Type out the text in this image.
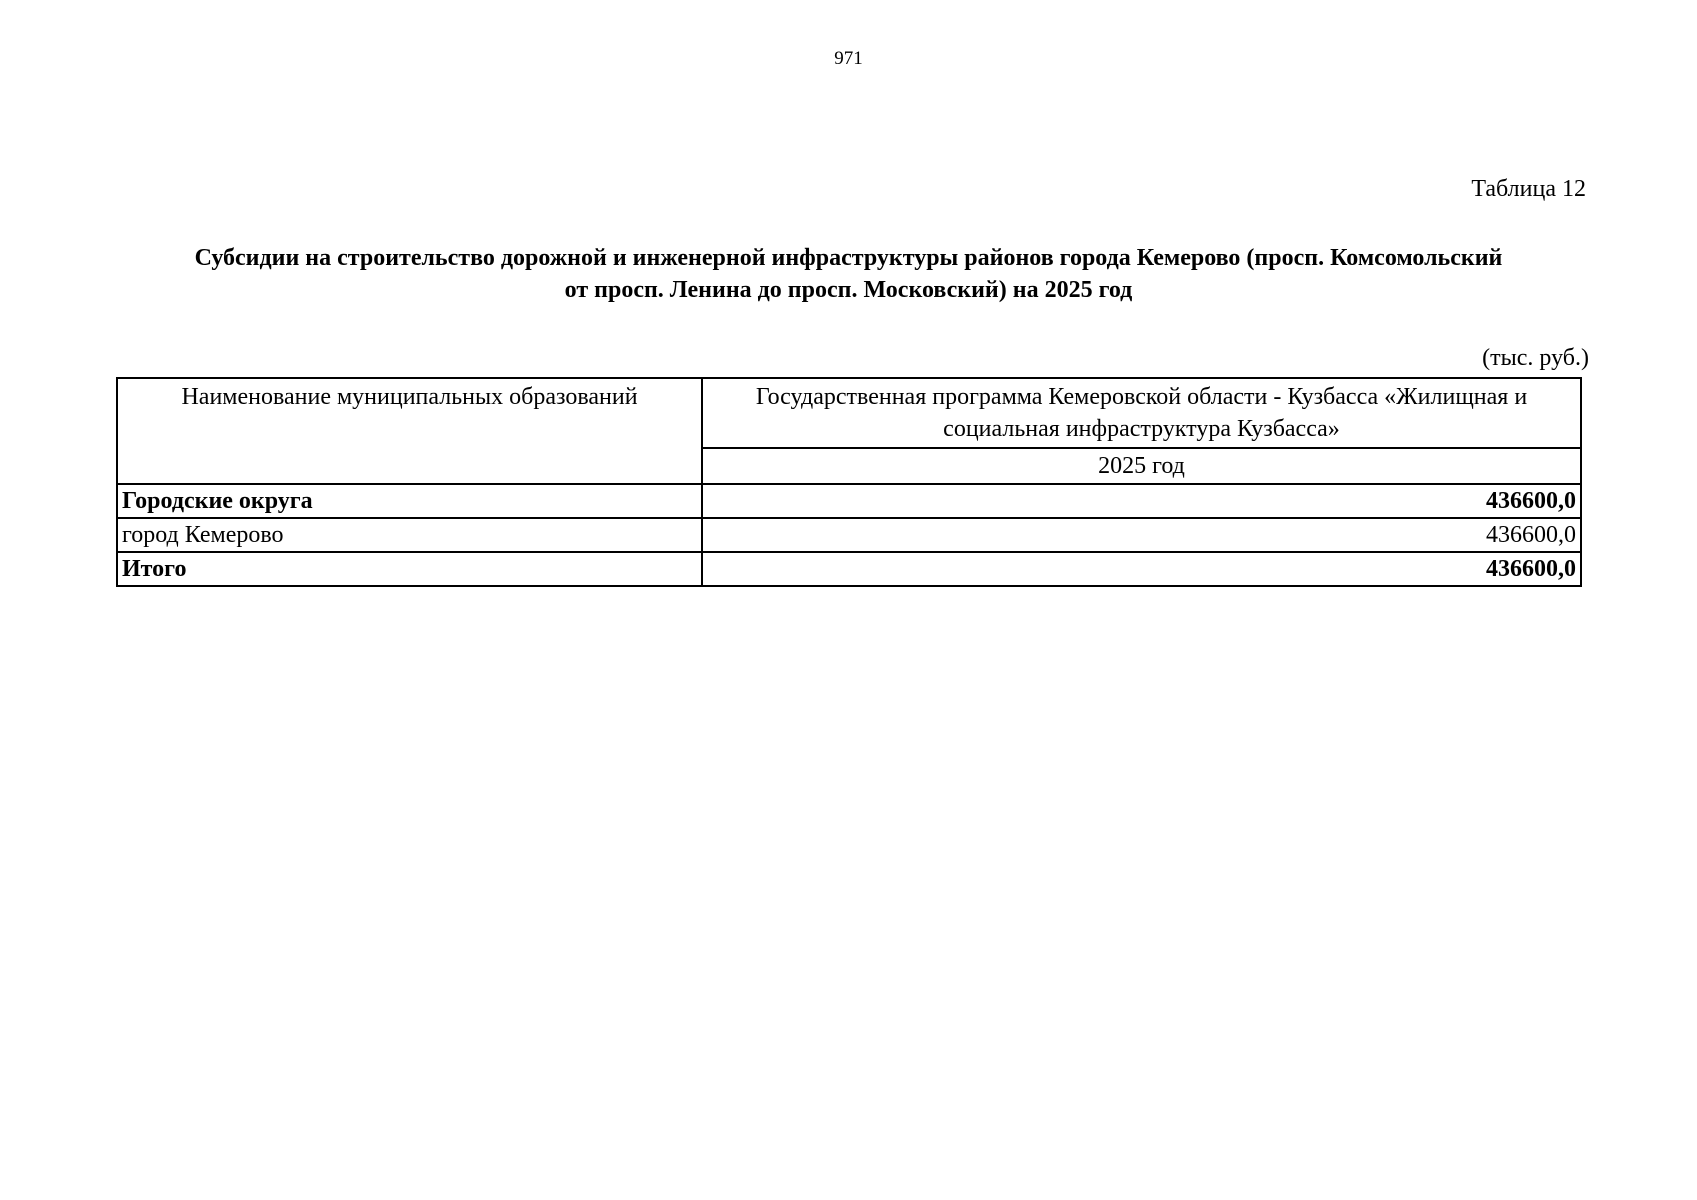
971
Таблица 12
Субсидии на строительство дорожной и инженерной инфраструктуры районов города Кемерово (просп. Комсомольский
от просп. Ленина до просп. Московский) на 2025 год
(тыс. руб.)
Наименование муниципальных образований	Государственная программа Кемеровской области - Кузбасса «Жилищная и
социальная инфраструктура Кузбасса»

	2025 год
Городские округа	436600,0
город Кемерово	436600,0
Итого	436600,0
